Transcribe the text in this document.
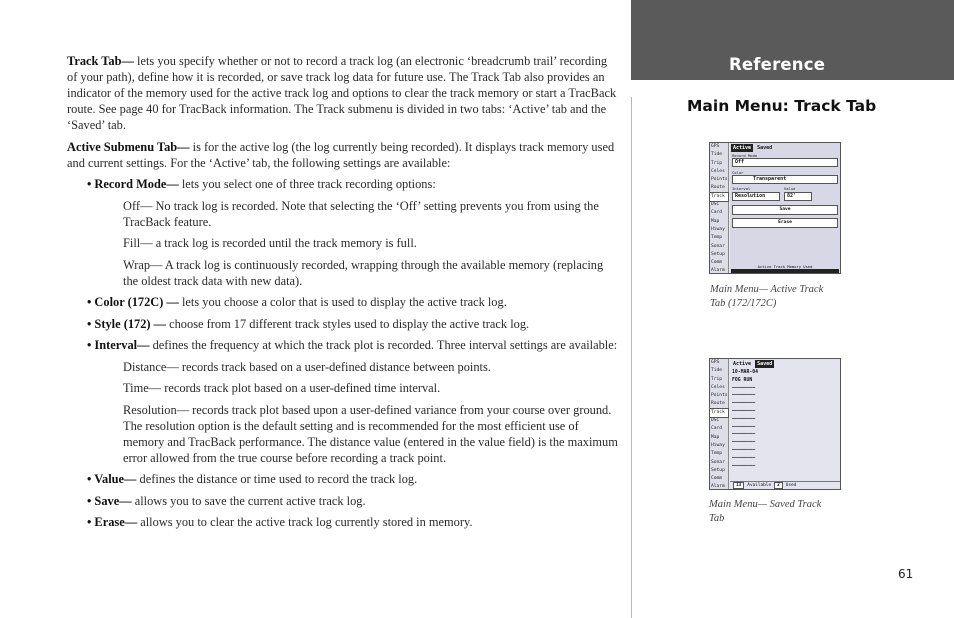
Track Tab— lets you specify whether or not to record a track log (an electronic ‘breadcrumb trail’ recording of your path), define how it is recorded, or save track log data for future use. The Track Tab also provides an indicator of the memory used for the active track log and options to clear the track memory or start a TracBack route. See page 40 for TracBack information. The Track submenu is divided in two tabs: ‘Active’ tab and the ‘Saved’ tab.

Active Submenu Tab— is for the active log (the log currently being recorded). It displays track memory used and current settings. For the ‘Active’ tab, the following settings are available:

• Record Mode— lets you select one of three track recording options:

Off— No track log is recorded. Note that selecting the ‘Off’ setting prevents you from using the TracBack feature.

Fill— a track log is recorded until the track memory is full.

Wrap— A track log is continuously recorded, wrapping through the available memory (replacing the oldest track data with new data).

• Color (172C) — lets you choose a color that is used to display the active track log.

• Style (172) — choose from 17 different track styles used to display the active track log.

• Interval— defines the frequency at which the track plot is recorded. Three interval settings are available:

Distance— records track based on a user-defined distance between points.

Time— records track plot based on a user-defined time interval.

Resolution— records track plot based upon a user-defined variance from your course over ground. The resolution option is the default setting and is recommended for the most efficient use of memory and TracBack performance. The distance value (entered in the value field) is the maximum error allowed from the true course before recording a track point.

• Value— defines the distance or time used to record the track log.

• Save— allows you to save the current active track log.

• Erase— allows you to clear the active track log currently stored in memory.

Reference
Main Menu: Track Tab
GPS
Tide
Trip
Celes
Points
Route
Track
DSC
Card
Map
Hiway
Temp
Sonar
Setup
Comm
Alarm
Active	Saved
Record Mode
Off
Color
Transparent
Interval
Resolution
Value
82'
Save
Erase
Active Track Memory Used
Main Menu— Active Track Tab (172/172C)
GPS
Tide
Trip
Celes
Points
Route
Track
DSC
Card
Map
Hiway
Temp
Sonar
Setup
Comm
Alarm
Active	Saved
10-MAR-04
FOG RUN
————————
————————
————————
————————
————————
————————
————————
————————
————————
————————
————————
13	Available	2	Used
Main Menu— Saved Track Tab
61
